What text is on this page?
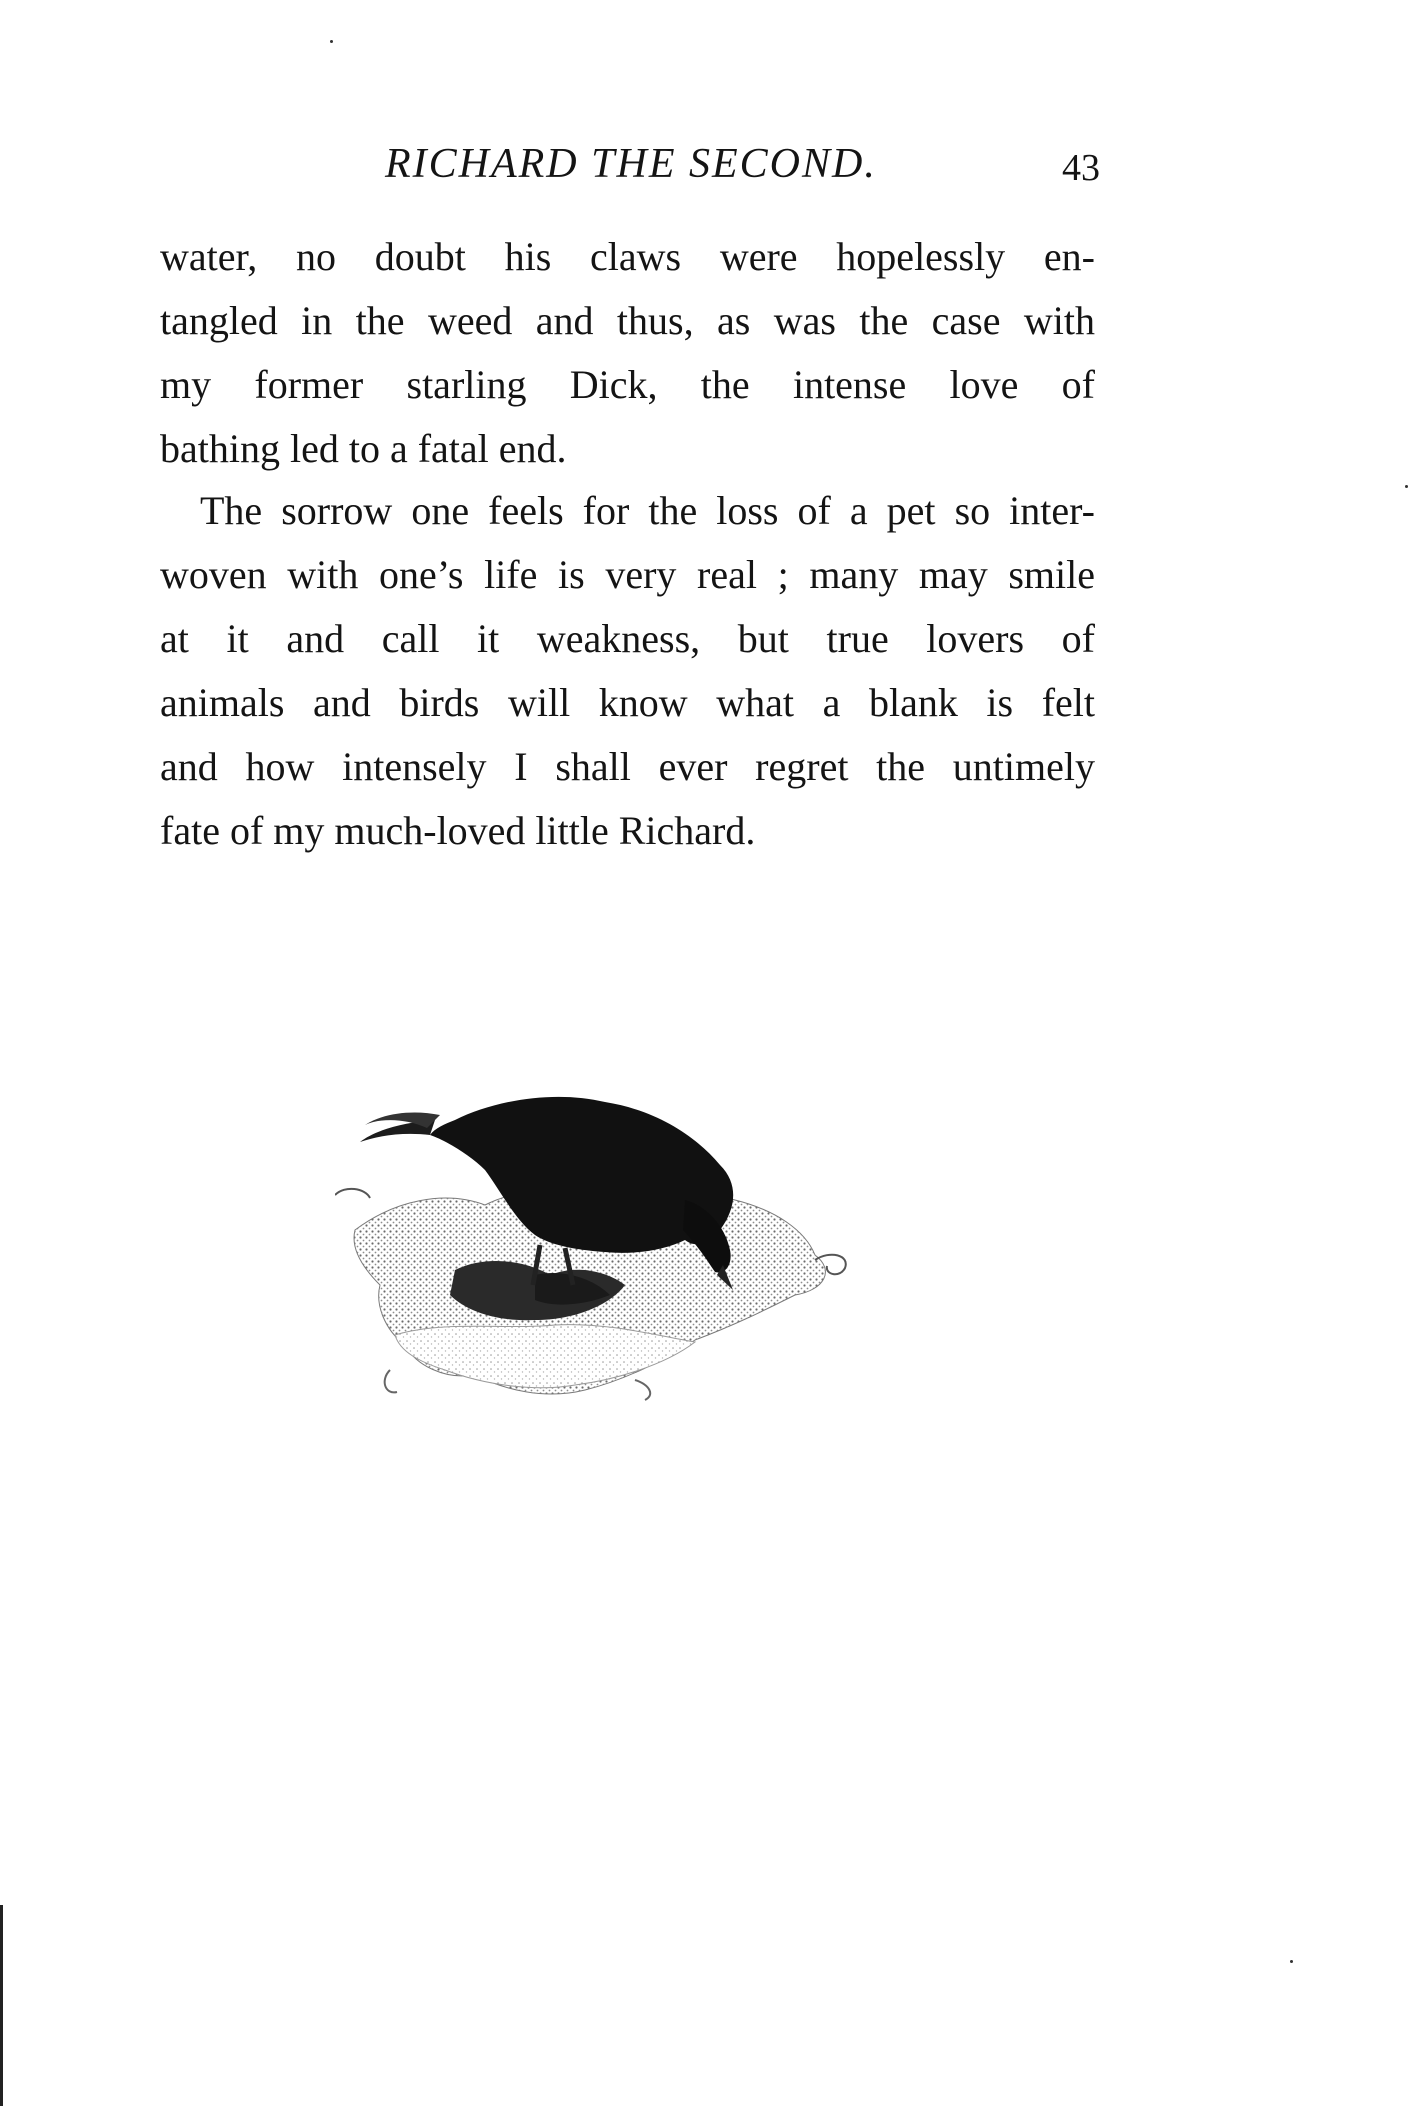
RICHARD THE SECOND.	43
water, no doubt his claws were hopelessly en-
tangled in the weed and thus, as was the case with
my former starling Dick, the intense love of
bathing led to a fatal end.
The sorrow one feels for the loss of a pet so inter-
woven with one’s life is very real ; many may smile
at it and call it weakness, but true lovers of
animals and birds will know what a blank is felt
and how intensely I shall ever regret the untimely
fate of my much-loved little Richard.
